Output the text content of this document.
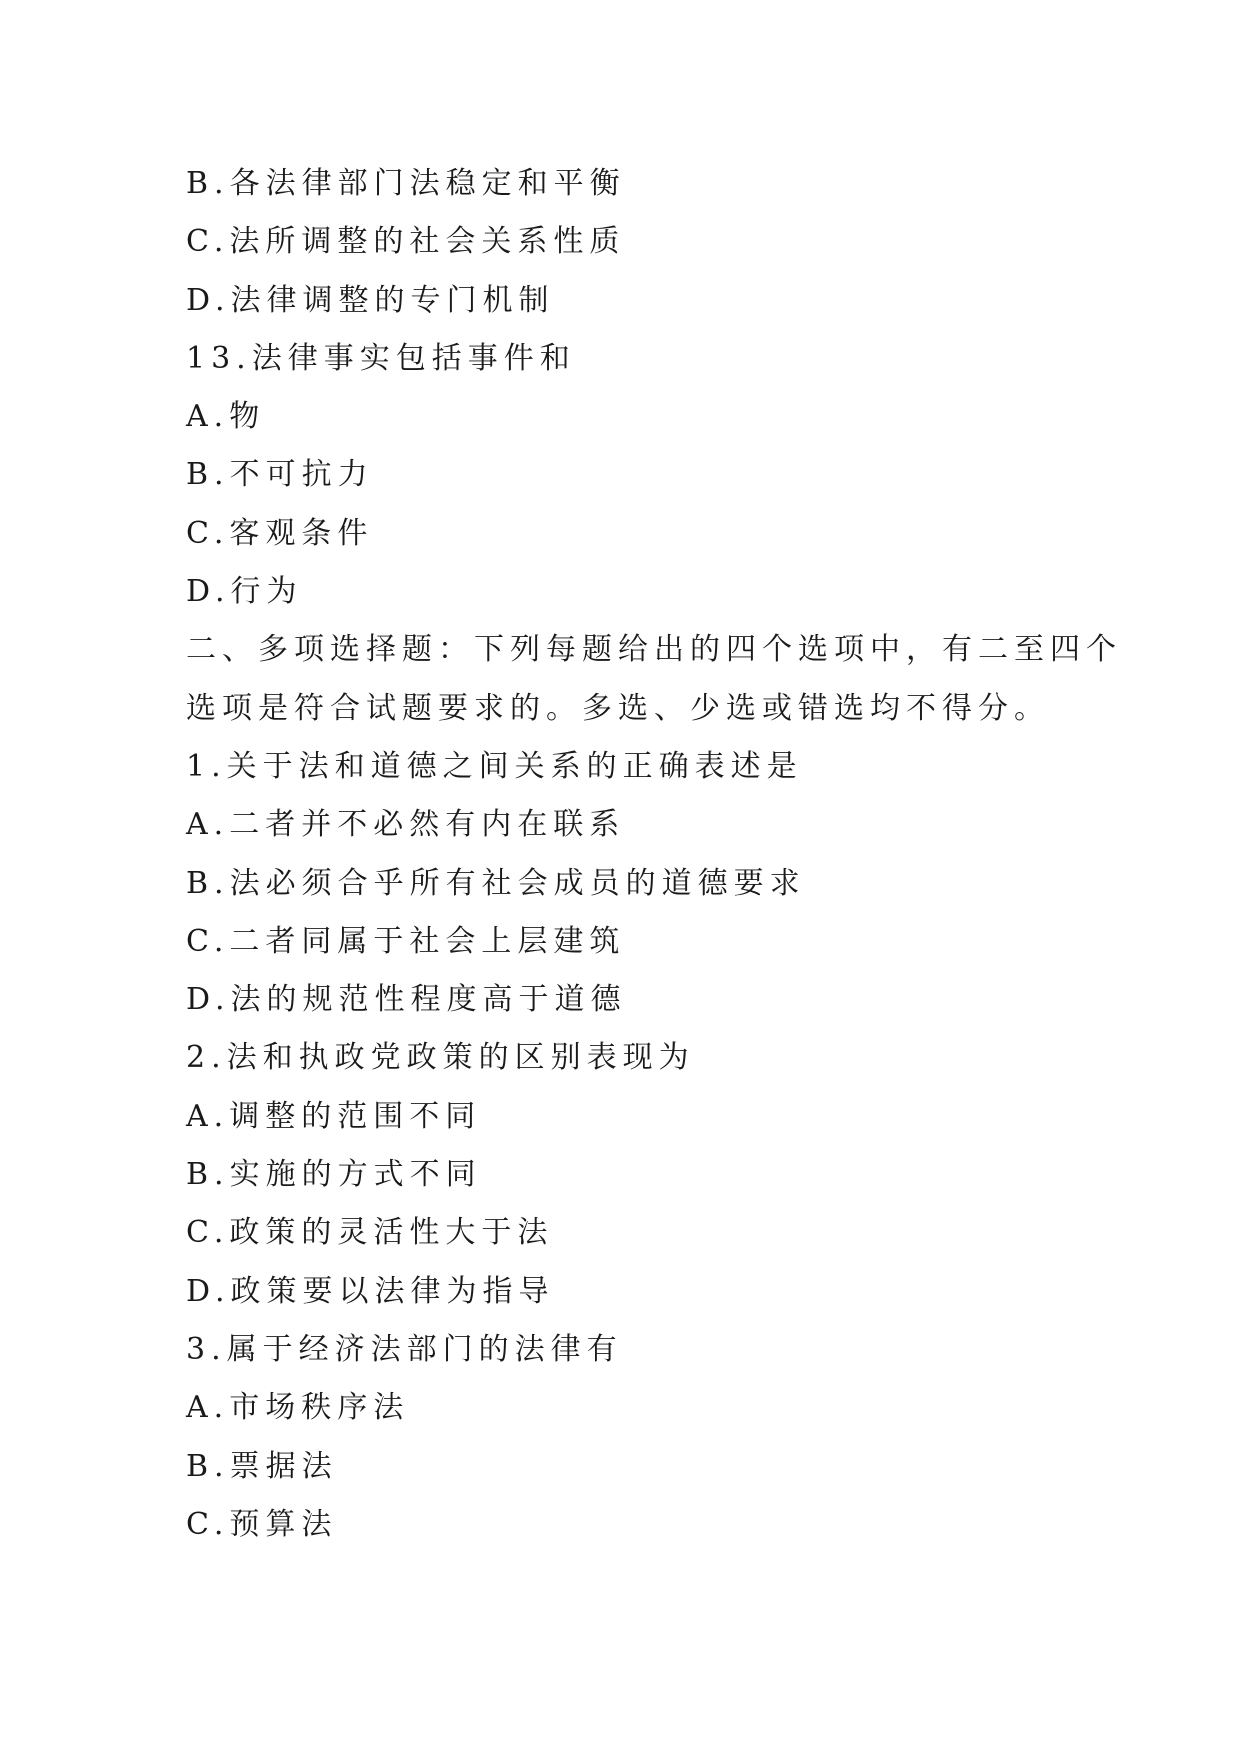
B.各法律部门法稳定和平衡
C.法所调整的社会关系性质
D.法律调整的专门机制
13.法律事实包括事件和
A.物
B.不可抗力
C.客观条件
D.行为
二、多项选择题：下列每题给出的四个选项中，有二至四个
选项是符合试题要求的。多选、少选或错选均不得分。
1.关于法和道德之间关系的正确表述是
A.二者并不必然有内在联系
B.法必须合乎所有社会成员的道德要求
C.二者同属于社会上层建筑
D.法的规范性程度高于道德
2.法和执政党政策的区别表现为
A.调整的范围不同
B.实施的方式不同
C.政策的灵活性大于法
D.政策要以法律为指导
3.属于经济法部门的法律有
A.市场秩序法
B.票据法
C.预算法
